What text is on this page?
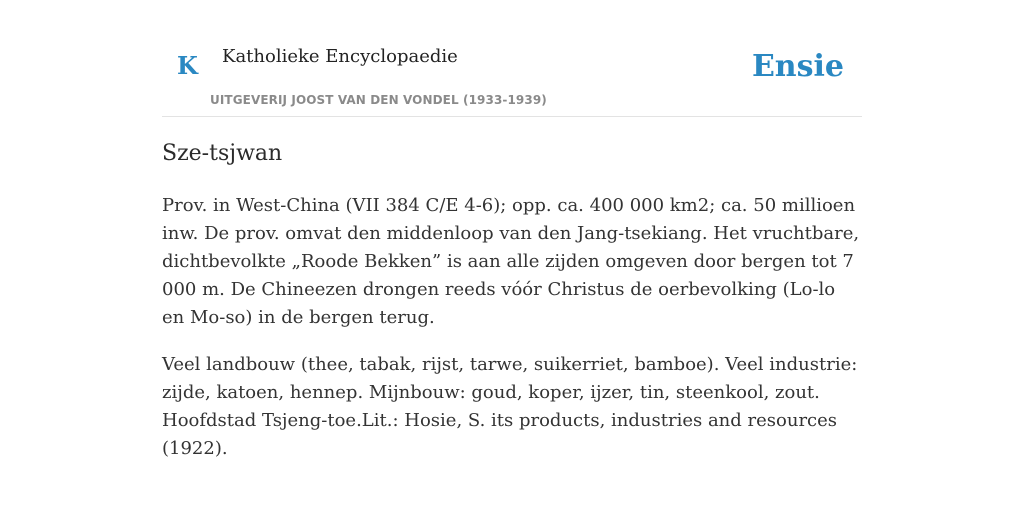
K Katholieke Encyclopaedie
UITGEVERIJ JOOST VAN DEN VONDEL (1933-1939)
Ensie
Sze-tsjwan

Prov. in West-China (VII 384 C/E 4-6); opp. ca. 400 000 km2; ca. 50 millioen inw. De prov. omvat den middenloop van den Jang-tsekiang. Het vruchtbare, dichtbevolkte „Roode Bekken” is aan alle zijden omgeven door bergen tot 7 000 m. De Chineezen drongen reeds vóór Christus de oerbevolking (Lo-lo en Mo-so) in de bergen terug.

Veel landbouw (thee, tabak, rijst, tarwe, suikerriet, bamboe). Veel industrie: zijde, katoen, hennep. Mijnbouw: goud, koper, ijzer, tin, steenkool, zout. Hoofdstad Tsjeng-toe.Lit.: Hosie, S. its products, industries and resources (1922).
